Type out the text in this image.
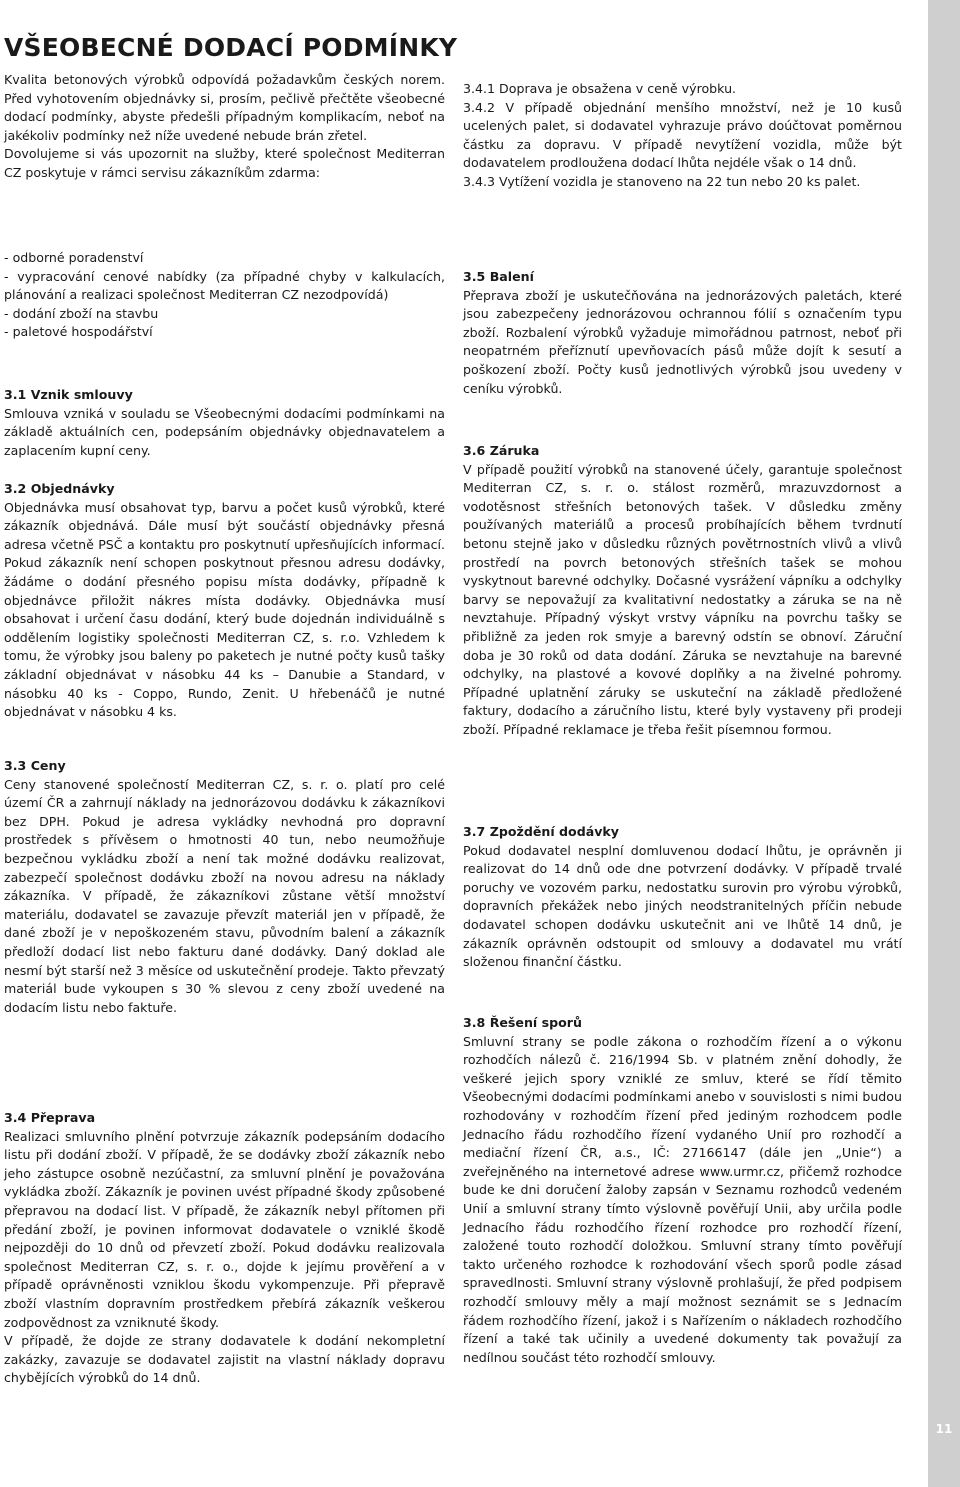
11
VŠEOBECNÉ DODACÍ PODMÍNKY

Kvalita betonových výrobků odpovídá požadavkům českých norem. Před vyhotovením objednávky si, prosím, pečlivě přečtěte všeobecné dodací podmínky, abyste předešli případným komplikacím, neboť na jakékoliv podmínky než níže uvedené nebude brán zřetel.

Dovolujeme si vás upozornit na služby, které společnost Mediterran CZ poskytuje v rámci servisu zákazníkům zdarma:

- odborné poradenství
- vypracování cenové nabídky (za případné chyby v kalkulacích, plánování a realizaci společnost Mediterran CZ nezodpovídá)
- dodání zboží na stavbu
- paletové hospodářství
3.1 Vznik smlouvy

Smlouva vzniká v souladu se Všeobecnými dodacími podmínkami na základě aktuálních cen, podepsáním objednávky objednavatelem a zaplacením kupní ceny.

3.2 Objednávky

Objednávka musí obsahovat typ, barvu a počet kusů výrobků, které zákazník objednává. Dále musí být součástí objednávky přesná adresa včetně PSČ a kontaktu pro poskytnutí upřesňujících informací. Pokud zákazník není schopen poskytnout přesnou adresu dodávky, žádáme o dodání přesného popisu místa dodávky, případně k objednávce přiložit nákres místa dodávky. Objednávka musí obsahovat i určení času dodání, který bude dojednán individuálně s oddělením logistiky společnosti Mediterran CZ, s. r.o. Vzhledem k tomu, že výrobky jsou baleny po paketech je nutné počty kusů tašky základní objednávat v násobku 44 ks – Danubie a Standard, v násobku 40 ks - Coppo, Rundo, Zenit. U hřebenáčů je nutné objednávat v násobku 4 ks.

3.3 Ceny

Ceny stanovené společností Mediterran CZ, s. r. o. platí pro celé území ČR a zahrnují náklady na jednorázovou dodávku k zákazníkovi bez DPH. Pokud je adresa vykládky nevhodná pro dopravní prostředek s přívěsem o hmotnosti 40 tun, nebo neumožňuje bezpečnou vykládku zboží a není tak možné dodávku realizovat, zabezpečí společnost dodávku zboží na novou adresu na náklady zákazníka. V případě, že zákazníkovi zůstane větší množství materiálu, dodavatel se zavazuje převzít materiál jen v případě, že dané zboží je v nepoškozeném stavu, původním balení a zákazník předloží dodací list nebo fakturu dané dodávky. Daný doklad ale nesmí být starší než 3 měsíce od uskutečnění prodeje. Takto převzatý materiál bude vykoupen s 30 % slevou z ceny zboží uvedené na dodacím listu nebo faktuře.

3.4 Přeprava

Realizaci smluvního plnění potvrzuje zákazník podepsáním dodacího listu při dodání zboží. V případě, že se dodávky zboží zákazník nebo jeho zástupce osobně nezúčastní, za smluvní plnění je považována vykládka zboží. Zákazník je povinen uvést případné škody způsobené přepravou na dodací list. V případě, že zákazník nebyl přítomen při předání zboží, je povinen informovat dodavatele o vzniklé škodě nejpozději do 10 dnů od převzetí zboží. Pokud dodávku realizovala společnost Mediterran CZ, s. r. o., dojde k jejímu prověření a v případě oprávněnosti vzniklou škodu vykompenzuje. Při přepravě zboží vlastním dopravním prostředkem přebírá zákazník veškerou zodpovědnost za vzniknuté škody.

V případě, že dojde ze strany dodavatele k dodání nekompletní zakázky, zavazuje se dodavatel zajistit na vlastní náklady dopravu chybějících výrobků do 14 dnů.

3.4.1 Doprava je obsažena v ceně výrobku.

3.4.2 V případě objednání menšího množství, než je 10 kusů ucelených palet, si dodavatel vyhrazuje právo doúčtovat poměrnou částku za dopravu. V případě nevytížení vozidla, může být dodavatelem prodloužena dodací lhůta nejdéle však o 14 dnů.

3.4.3 Vytížení vozidla je stanoveno na 22 tun nebo 20 ks palet.

3.5 Balení

Přeprava zboží je uskutečňována na jednorázových paletách, které jsou zabezpečeny jednorázovou ochrannou fólií s označením typu zboží. Rozbalení výrobků vyžaduje mimořádnou patrnost, neboť při neopatrném přeříznutí upevňovacích pásů může dojít k sesutí a poškození zboží. Počty kusů jednotlivých výrobků jsou uvedeny v ceníku výrobků.

3.6 Záruka

V případě použití výrobků na stanovené účely, garantuje společnost Mediterran CZ, s. r. o. stálost rozměrů, mrazuvzdornost a vodotěsnost střešních betonových tašek. V důsledku změny používaných materiálů a procesů probíhajících během tvrdnutí betonu stejně jako v důsledku různých povětrnostních vlivů a vlivů prostředí na povrch betonových střešních tašek se mohou vyskytnout barevné odchylky. Dočasné vysrážení vápníku a odchylky barvy se nepovažují za kvalitativní nedostatky a záruka se na ně nevztahuje. Případný výskyt vrstvy vápníku na povrchu tašky se přibližně za jeden rok smyje a barevný odstín se obnoví. Záruční doba je 30 roků od data dodání. Záruka se nevztahuje na barevné odchylky, na plastové a kovové doplňky a na živelné pohromy. Případné uplatnění záruky se uskuteční na základě předložené faktury, dodacího a záručního listu, které byly vystaveny při prodeji zboží. Případné reklamace je třeba řešit písemnou formou.

3.7 Zpoždění dodávky

Pokud dodavatel nesplní domluvenou dodací lhůtu, je oprávněn ji realizovat do 14 dnů ode dne potvrzení dodávky. V případě trvalé poruchy ve vozovém parku, nedostatku surovin pro výrobu výrobků, dopravních překážek nebo jiných neodstranitelných příčin nebude dodavatel schopen dodávku uskutečnit ani ve lhůtě 14 dnů, je zákazník oprávněn odstoupit od smlouvy a dodavatel mu vrátí složenou finanční částku.

3.8 Řešení sporů

Smluvní strany se podle zákona o rozhodčím řízení a o výkonu rozhodčích nálezů č. 216/1994 Sb. v platném znění dohodly, že veškeré jejich spory vzniklé ze smluv, které se řídí těmito Všeobecnými dodacími podmínkami anebo v souvislosti s nimi budou rozhodovány v rozhodčím řízení před jediným rozhodcem podle Jednacího řádu rozhodčího řízení vydaného Unií pro rozhodčí a mediační řízení ČR, a.s., IČ: 27166147 (dále jen „Unie“) a zveřejněného na internetové adrese www.urmr.cz, přičemž rozhodce bude ke dni doručení žaloby zapsán v Seznamu rozhodců vedeném Unií a smluvní strany tímto výslovně pověřují Unii, aby určila podle Jednacího řádu rozhodčího řízení rozhodce pro rozhodčí řízení, založené touto rozhodčí doložkou. Smluvní strany tímto pověřují takto určeného rozhodce k rozhodování všech sporů podle zásad spravedlnosti. Smluvní strany výslovně prohlašují, že před podpisem rozhodčí smlouvy měly a mají možnost seznámit se s Jednacím řádem rozhodčího řízení, jakož i s Nařízením o nákladech rozhodčího řízení a také tak učinily a uvedené dokumenty tak považují za nedílnou součást této rozhodčí smlouvy.
